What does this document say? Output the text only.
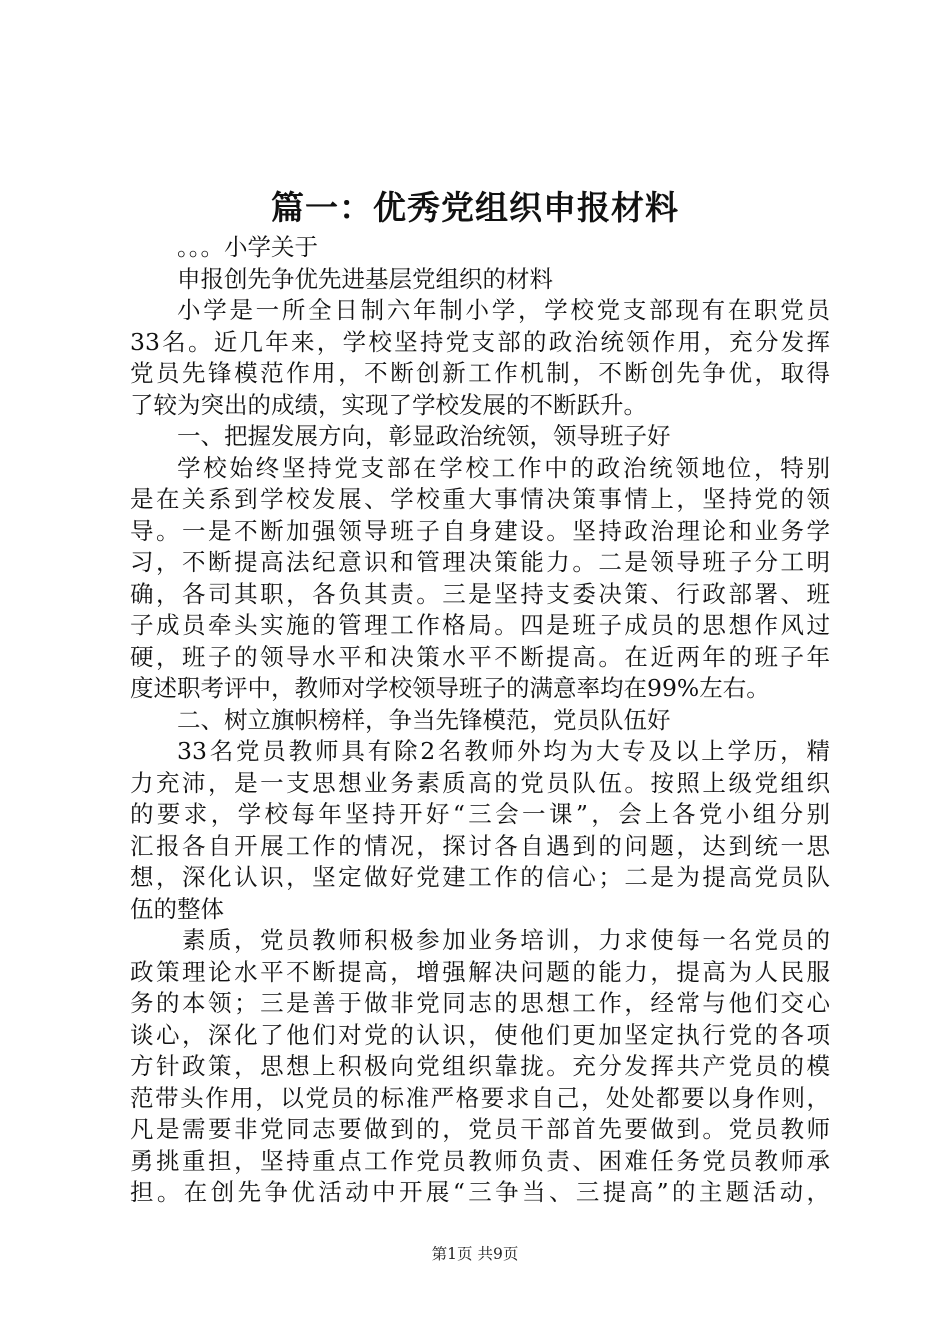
篇一：优秀党组织申报材料
。。。小学关于
申报创先争优先进基层党组织的材料
小学是一所全日制六年制小学，学校党支部现有在职党员
33名。近几年来，学校坚持党支部的政治统领作用，充分发挥
党员先锋模范作用，不断创新工作机制，不断创先争优，取得
了较为突出的成绩，实现了学校发展的不断跃升。
一、把握发展方向，彰显政治统领，领导班子好
学校始终坚持党支部在学校工作中的政治统领地位，特别
是在关系到学校发展、学校重大事情决策事情上，坚持党的领
导。一是不断加强领导班子自身建设。坚持政治理论和业务学
习，不断提高法纪意识和管理决策能力。二是领导班子分工明
确，各司其职，各负其责。三是坚持支委决策、行政部署、班
子成员牵头实施的管理工作格局。四是班子成员的思想作风过
硬，班子的领导水平和决策水平不断提高。在近两年的班子年
度述职考评中，教师对学校领导班子的满意率均在99%左右。
二、树立旗帜榜样，争当先锋模范，党员队伍好
33名党员教师具有除2名教师外均为大专及以上学历，精
力充沛，是一支思想业务素质高的党员队伍。按照上级党组织
的要求，学校每年坚持开好“三会一课”，会上各党小组分别
汇报各自开展工作的情况，探讨各自遇到的问题，达到统一思
想，深化认识，坚定做好党建工作的信心；二是为提高党员队
伍的整体
素质，党员教师积极参加业务培训，力求使每一名党员的
政策理论水平不断提高，增强解决问题的能力，提高为人民服
务的本领；三是善于做非党同志的思想工作，经常与他们交心
谈心，深化了他们对党的认识，使他们更加坚定执行党的各项
方针政策，思想上积极向党组织靠拢。充分发挥共产党员的模
范带头作用，以党员的标准严格要求自己，处处都要以身作则，
凡是需要非党同志要做到的，党员干部首先要做到。党员教师
勇挑重担，坚持重点工作党员教师负责、困难任务党员教师承
担。在创先争优活动中开展“三争当、三提高”的主题活动，
第1页 共9页
